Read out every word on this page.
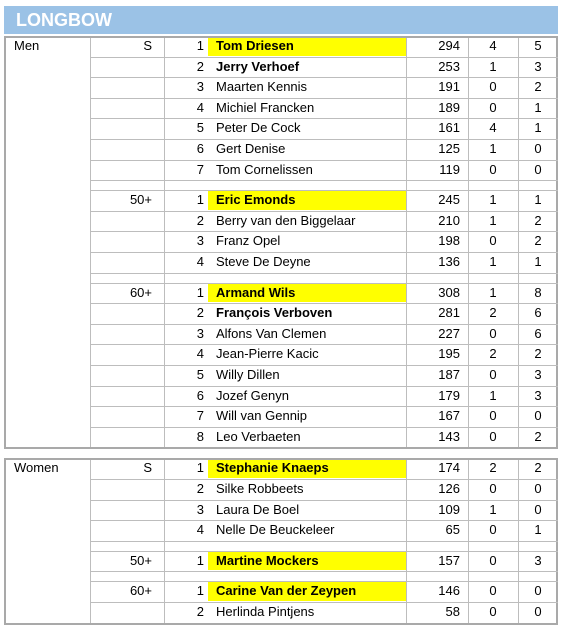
LONGBOW
Men	S	1 Tom Driesen	294	4	5
2 Jerry Verhoef	253	1	3
3 Maarten Kennis	191	0	2
4 Michiel Francken	189	0	1
5 Peter De Cock	161	4	1
6 Gert Denise	125	1	0
7 Tom Cornelissen	119	0	0
50+	1 Eric Emonds	245	1	1
2 Berry van den Biggelaar	210	1	2
3 Franz Opel	198	0	2
4 Steve De Deyne	136	1	1
60+	1 Armand Wils	308	1	8
2 François Verboven	281	2	6
3 Alfons Van Clemen	227	0	6
4 Jean-Pierre Kacic	195	2	2
5 Willy Dillen	187	0	3
6 Jozef Genyn	179	1	3
7 Will van Gennip	167	0	0
8 Leo Verbaeten	143	0	2
Women	S	1 Stephanie Knaeps	174	2	2
2 Silke Robbeets	126	0	0
3 Laura De Boel	109	1	0
4 Nelle De Beuckeleer	65	0	1
50+	1 Martine Mockers	157	0	3
60+	1 Carine Van der Zeypen	146	0	0
2 Herlinda Pintjens	58	0	0
